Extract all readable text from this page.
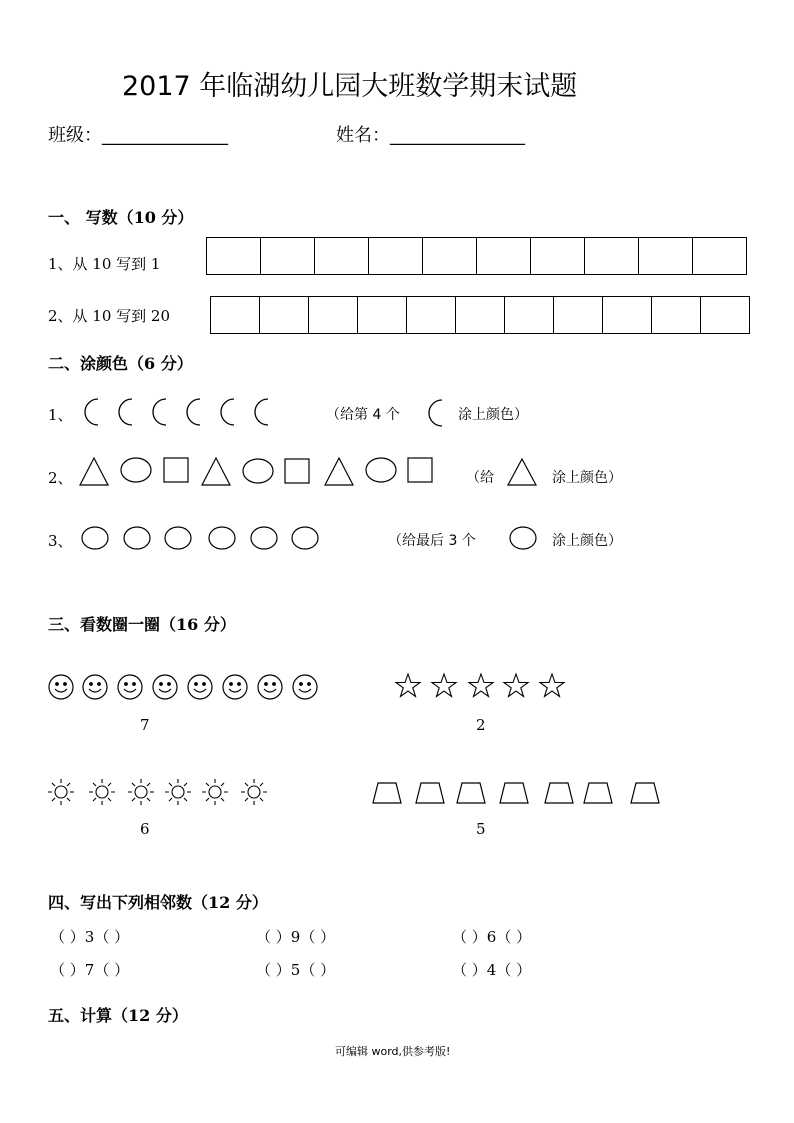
2017 年临湖幼儿园大班数学期末试题
班级：______________	姓名：_______________
一、 写数（10 分）
1、从 10 写到 1
2、从 10 写到 20
二、涂颜色（6 分）
1、	（给第 4 个	涂上颜色）
2、	（给	涂上颜色）
3、	（给最后 3 个	涂上颜色）
三、看数圈一圈（16 分）
7	2
6	5
四、写出下列相邻数（12 分）
（ ）3（ ）	（ ）9（ ）	（ ）6（ ）
（ ）7（ ）	（ ）5（ ）	（ ）4（ ）
五、计算（12 分）
可编辑 word,供参考版!
